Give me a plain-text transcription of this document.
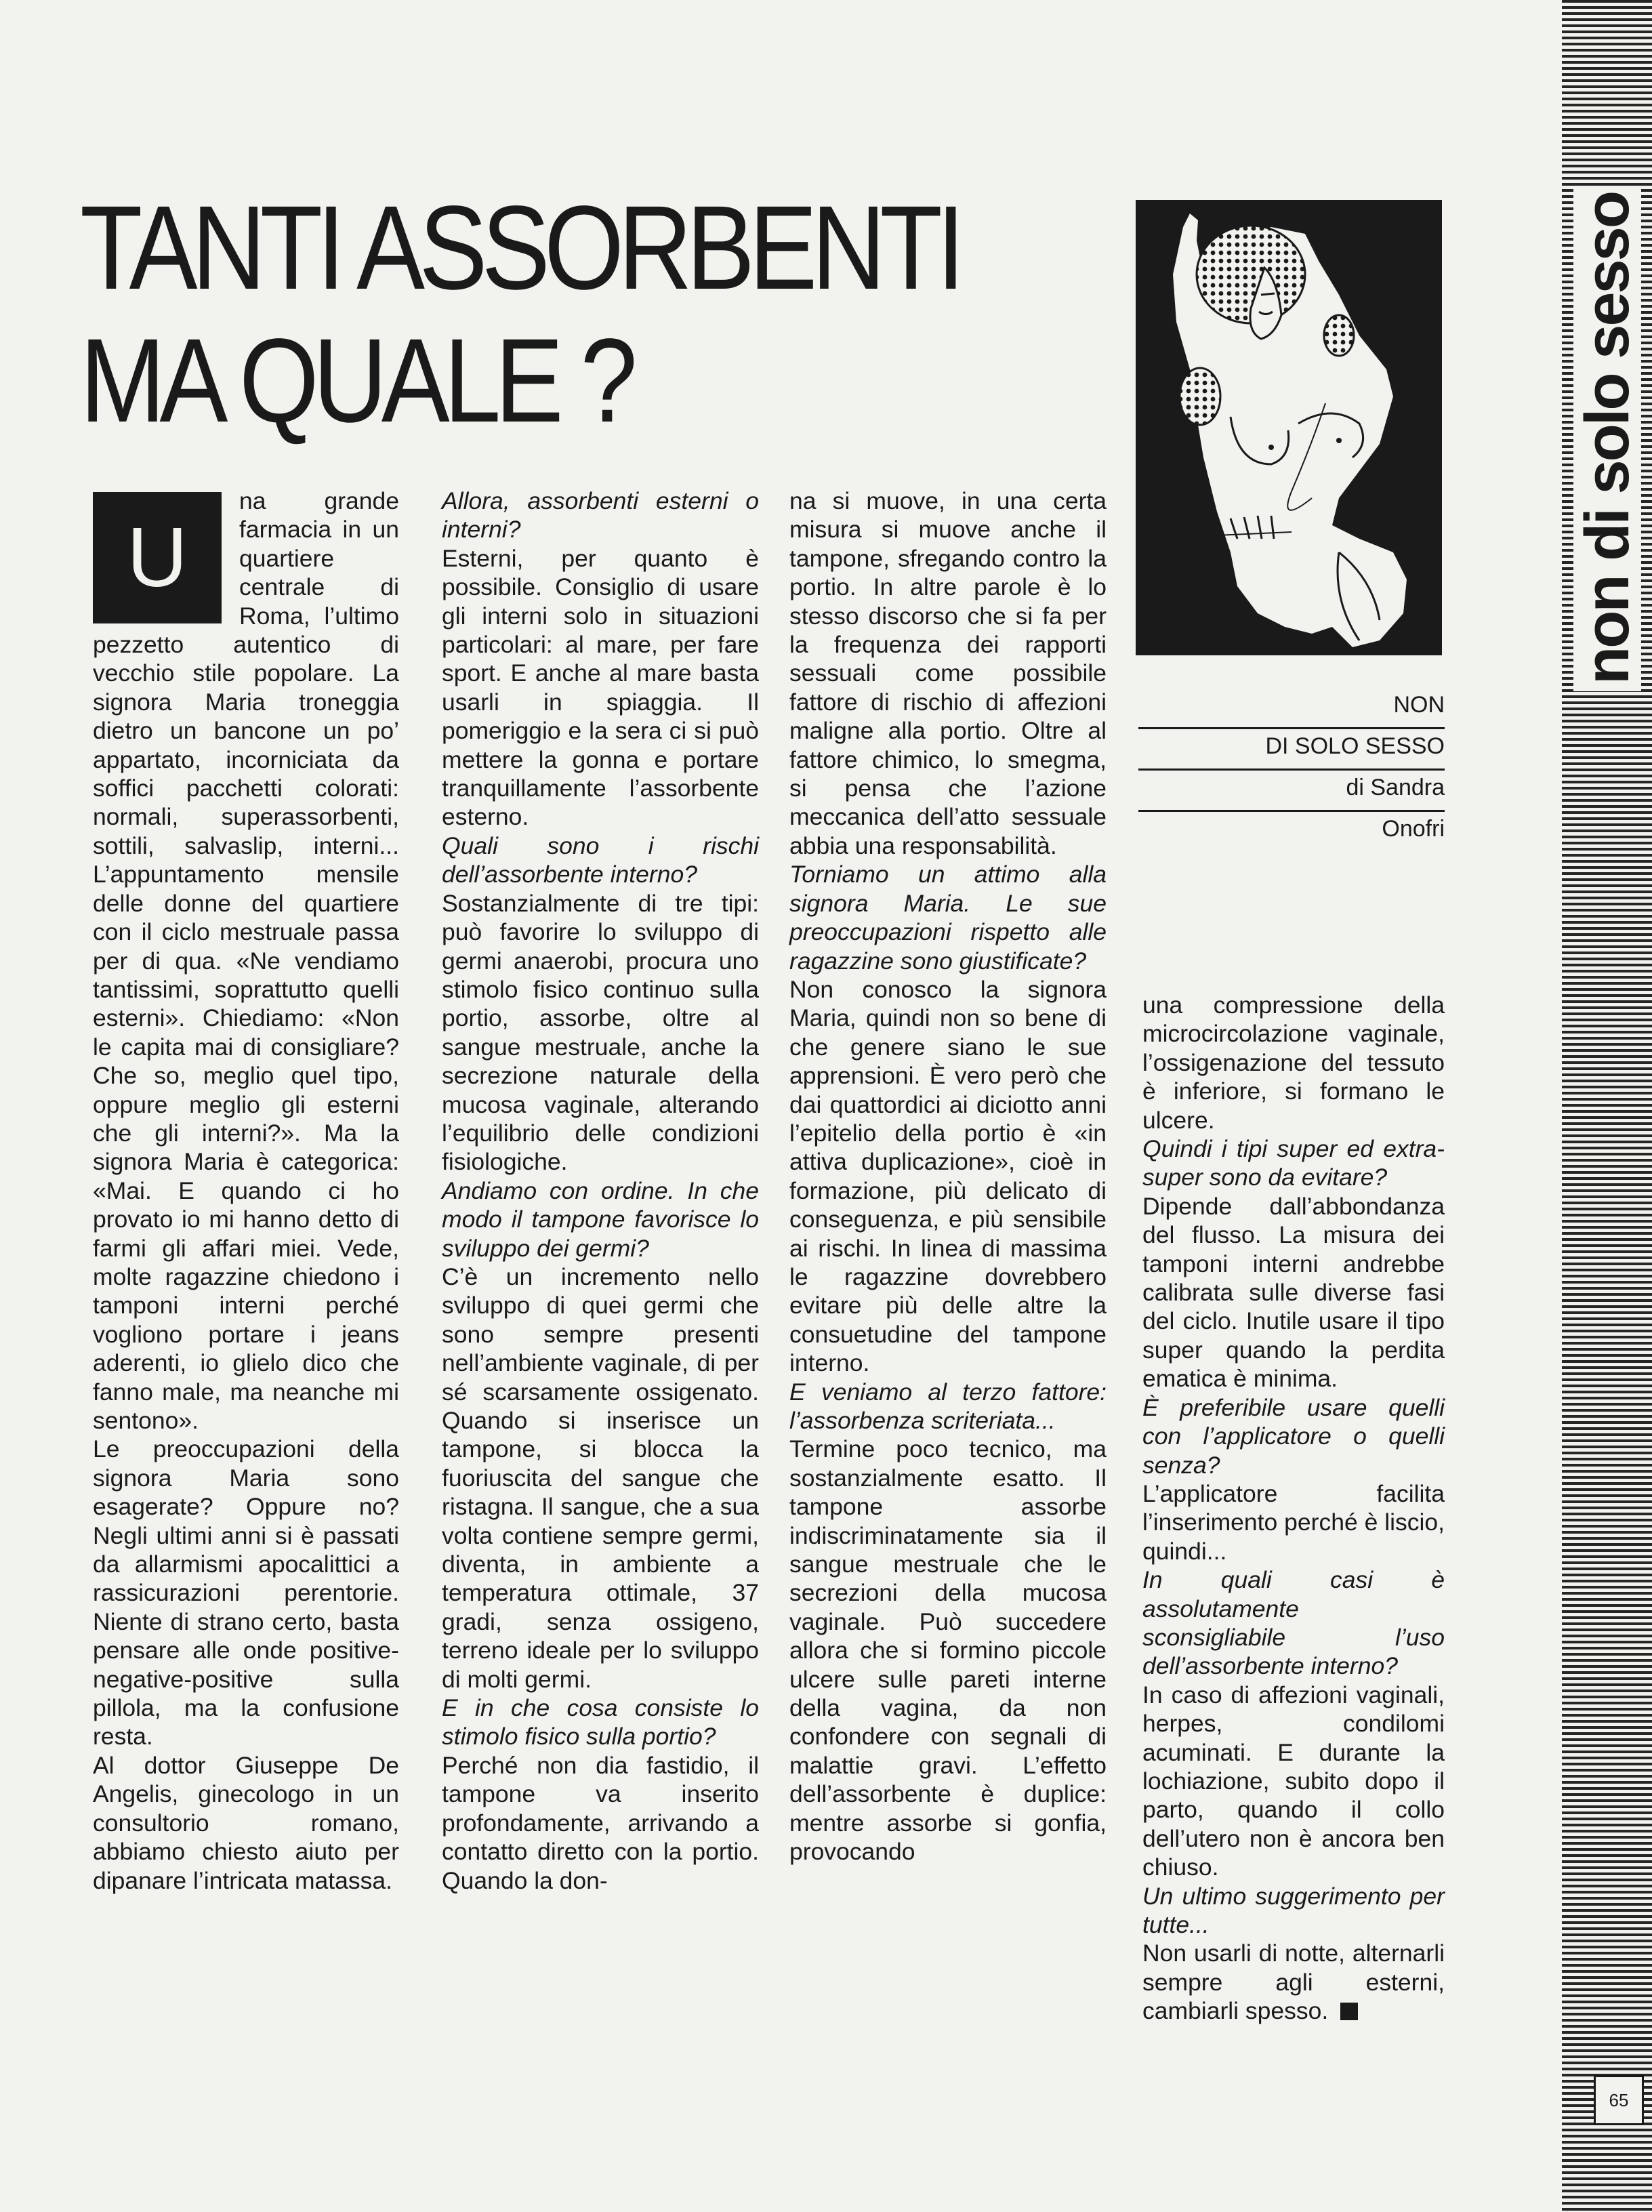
TANTI ASSORBENTI
MA QUALE ?
U

na grande farmacia in un quartiere centrale di Roma, l’ultimo pezzetto autentico di vecchio stile popolare. La signora Maria troneggia dietro un bancone un po’ appartato, incorniciata da soffici pacchetti colorati: normali, superassorbenti, sottili, salvaslip, interni... L’appuntamento mensile delle donne del quartiere con il ciclo mestruale passa per di qua. «Ne vendiamo tantissimi, soprattutto quelli esterni». Chiediamo: «Non le capita mai di consigliare? Che so, meglio quel tipo, oppure meglio gli esterni che gli interni?». Ma la signora Maria è categorica: «Mai. E quando ci ho provato io mi hanno detto di farmi gli affari miei. Vede, molte ragazzine chiedono i tamponi interni perché vogliono portare i jeans aderenti, io glielo dico che fanno male, ma neanche mi sentono».

Le preoccupazioni della signora Maria sono esagerate? Oppure no? Negli ultimi anni si è passati da allarmismi apocalittici a rassicurazioni perentorie. Niente di strano certo, basta pensare alle onde positive-negative-positive sulla pillola, ma la confusione resta.

Al dottor Giuseppe De Angelis, ginecologo in un consultorio romano, abbiamo chiesto aiuto per dipanare l’intricata matassa.

Allora, assorbenti esterni o interni?

Esterni, per quanto è possibile. Consiglio di usare gli interni solo in situazioni particolari: al mare, per fare sport. E anche al mare basta usarli in spiaggia. Il pomeriggio e la sera ci si può mettere la gonna e portare tranquillamente l’assorbente esterno.

Quali sono i rischi dell’assorbente interno?

Sostanzialmente di tre tipi: può favorire lo sviluppo di germi anaerobi, procura uno stimolo fisico continuo sulla portio, assorbe, oltre al sangue mestruale, anche la secrezione naturale della mucosa vaginale, alterando l’equilibrio delle condizioni fisiologiche.

Andiamo con ordine. In che modo il tampone favorisce lo sviluppo dei germi?

C’è un incremento nello sviluppo di quei germi che sono sempre presenti nell’ambiente vaginale, di per sé scarsamente ossigenato. Quando si inserisce un tampone, si blocca la fuoriuscita del sangue che ristagna. Il sangue, che a sua volta contiene sempre germi, diventa, in ambiente a temperatura ottimale, 37 gradi, senza ossigeno, terreno ideale per lo sviluppo di molti germi.

E in che cosa consiste lo stimolo fisico sulla portio?

Perché non dia fastidio, il tampone va inserito profondamente, arrivando a contatto diretto con la portio. Quando la don-

na si muove, in una certa misura si muove anche il tampone, sfregando contro la portio. In altre parole è lo stesso discorso che si fa per la frequenza dei rapporti sessuali come possibile fattore di rischio di affezioni maligne alla portio. Oltre al fattore chimico, lo smegma, si pensa che l’azione meccanica dell’atto sessuale abbia una responsabilità.

Torniamo un attimo alla signora Maria. Le sue preoccupazioni rispetto alle ragazzine sono giustificate?

Non conosco la signora Maria, quindi non so bene di che genere siano le sue apprensioni. È vero però che dai quattordici ai diciotto anni l’epitelio della portio è «in attiva duplicazione», cioè in formazione, più delicato di conseguenza, e più sensibile ai rischi. In linea di massima le ragazzine dovrebbero evitare più delle altre la consuetudine del tampone interno.

E veniamo al terzo fattore: l’assorbenza scriteriata...

Termine poco tecnico, ma sostanzialmente esatto. Il tampone assorbe indiscriminatamente sia il sangue mestruale che le secrezioni della mucosa vaginale. Può succedere allora che si formino piccole ulcere sulle pareti interne della vagina, da non confondere con segnali di malattie gravi. L’effetto dell’assorbente è duplice: mentre assorbe si gonfia, provocando

NON
DI SOLO SESSO
di Sandra
Onofri

una compressione della microcircolazione vaginale, l’ossigenazione del tessuto è inferiore, si formano le ulcere.

Quindi i tipi super ed extra-super sono da evitare?

Dipende dall’abbondanza del flusso. La misura dei tamponi interni andrebbe calibrata sulle diverse fasi del ciclo. Inutile usare il tipo super quando la perdita ematica è minima.

È preferibile usare quelli con l’applicatore o quelli senza?

L’applicatore facilita l’inserimento perché è liscio, quindi...

In quali casi è assolutamente sconsigliabile l’uso dell’assorbente interno?

In caso di affezioni vaginali, herpes, condilomi acuminati. E durante la lochiazione, subito dopo il parto, quando il collo dell’utero non è ancora ben chiuso.

Un ultimo suggerimento per tutte...

Non usarli di notte, alternarli sempre agli esterni, cambiarli spesso.

non di solo sesso
65
